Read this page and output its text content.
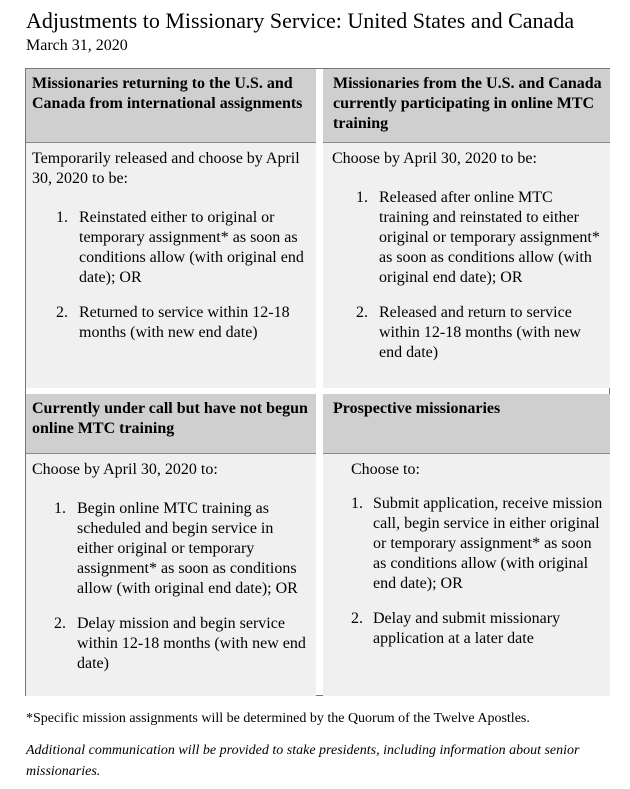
Adjustments to Missionary Service: United States and Canada
March 31, 2020
Missionaries returning to the U.S. and Canada from international assignments
Missionaries from the U.S. and Canada currently participating in online MTC training
Temporarily released and choose by April 30, 2020 to be:
1. Reinstated either to original or temporary assignment* as soon as conditions allow (with original end date); OR
2. Returned to service within 12-18 months (with new end date)
Choose by April 30, 2020 to be:
1. Released after online MTC training and reinstated to either original or temporary assignment* as soon as conditions allow (with original end date); OR
2. Released and return to service within 12-18 months (with new end date)
Currently under call but have not begun online MTC training
Prospective missionaries
Choose by April 30, 2020 to:
1. Begin online MTC training as scheduled and begin service in either original or temporary assignment* as soon as conditions allow (with original end date); OR
2. Delay mission and begin service within 12-18 months (with new end date)
Choose to:
1. Submit application, receive mission call, begin service in either original or temporary assignment* as soon as conditions allow (with original end date); OR
2. Delay and submit missionary application at a later date
*Specific mission assignments will be determined by the Quorum of the Twelve Apostles.
Additional communication will be provided to stake presidents, including information about senior missionaries.
